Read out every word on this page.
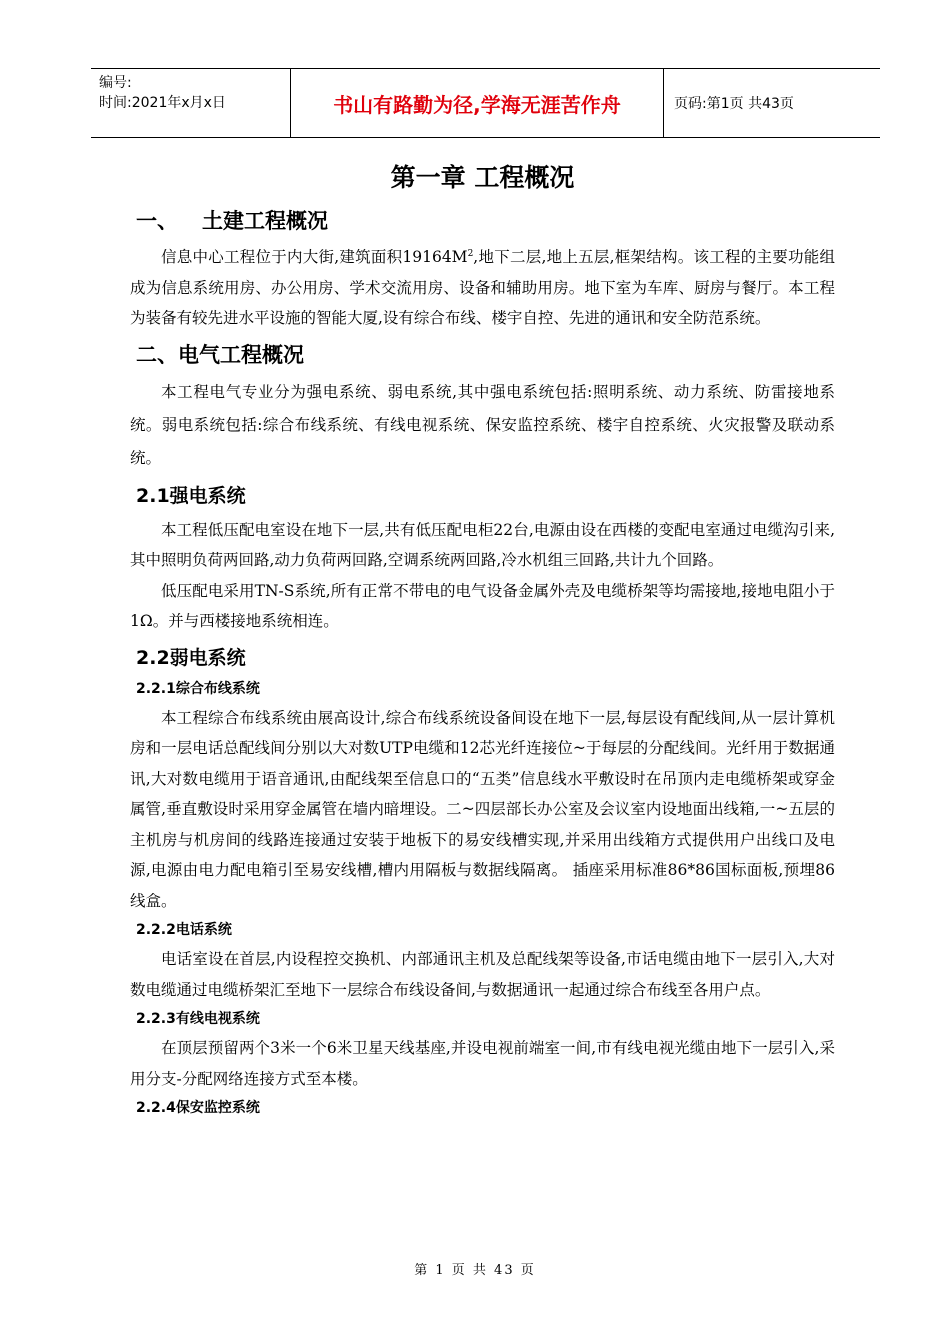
编号:
时间:2021年x月x日	书山有路勤为径,学海无涯苦作舟	页码:第1页 共43页
第一章 工程概况
一、 土建工程概况

信息中心工程位于内大街,建筑面积$19164M^2$,地下二层,地上五层,框架结构。该工程的主要功能组成为信息系统用房、办公用房、学术交流用房、设备和辅助用房。地下室为车库、厨房与餐厅。本工程为装备有较先进水平设施的智能大厦,设有综合布线、楼宇自控、先进的通讯和安全防范系统。

二、电气工程概况

本工程电气专业分为强电系统、弱电系统,其中强电系统包括:照明系统、动力系统、防雷接地系统。弱电系统包括:综合布线系统、有线电视系统、保安监控系统、楼宇自控系统、火灾报警及联动系统。

2.1强电系统

本工程低压配电室设在地下一层,共有低压配电柜22台,电源由设在西楼的变配电室通过电缆沟引来,其中照明负荷两回路,动力负荷两回路,空调系统两回路,冷水机组三回路,共计九个回路。

低压配电采用TN-S系统,所有正常不带电的电气设备金属外壳及电缆桥架等均需接地,接地电阻小于1Ω。并与西楼接地系统相连。

2.2弱电系统
2.2.1综合布线系统

本工程综合布线系统由展高设计,综合布线系统设备间设在地下一层,每层设有配线间,从一层计算机房和一层电话总配线间分别以大对数UTP电缆和12芯光纤连接位~于每层的分配线间。光纤用于数据通讯,大对数电缆用于语音通讯,由配线架至信息口的“五类”信息线水平敷设时在吊顶内走电缆桥架或穿金属管,垂直敷设时采用穿金属管在墙内暗埋设。二~四层部长办公室及会议室内设地面出线箱,一~五层的主机房与机房间的线路连接通过安装于地板下的易安线槽实现,并采用出线箱方式提供用户出线口及电源,电源由电力配电箱引至易安线槽,槽内用隔板与数据线隔离。 插座采用标准86*86国标面板,预埋86线盒。

2.2.2电话系统

电话室设在首层,内设程控交换机、内部通讯主机及总配线架等设备,市话电缆由地下一层引入,大对数电缆通过电缆桥架汇至地下一层综合布线设备间,与数据通讯一起通过综合布线至各用户点。

2.2.3有线电视系统

在顶层预留两个3米一个6米卫星天线基座,并设电视前端室一间,市有线电视光缆由地下一层引入,采用分支-分配网络连接方式至本楼。

2.2.4保安监控系统
第 1 页 共 43 页
